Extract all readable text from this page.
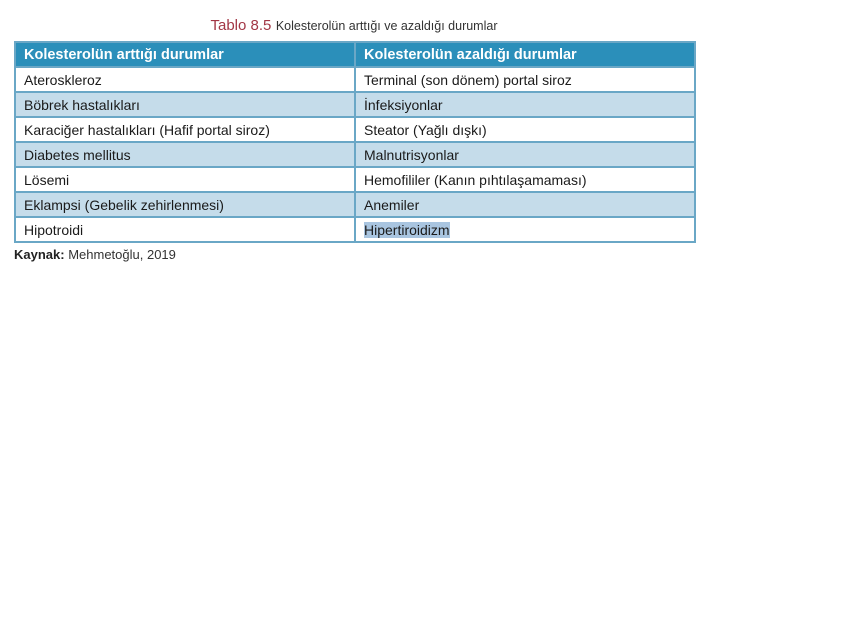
Tablo 8.5 Kolesterolün arttığı ve azaldığı durumlar
Kolesterolün arttığı durumlar	Kolesterolün azaldığı durumlar
Ateroskleroz	Terminal (son dönem) portal siroz
Böbrek hastalıkları	İnfeksiyonlar
Karaciğer hastalıkları (Hafif portal siroz)	Steator (Yağlı dışkı)
Diabetes mellitus	Malnutrisyonlar
Lösemi	Hemofililer (Kanın pıhtılaşamaması)
Eklampsi (Gebelik zehirlenmesi)	Anemiler
Hipotroidi	Hipertiroidizm
Kaynak: Mehmetoğlu, 2019
